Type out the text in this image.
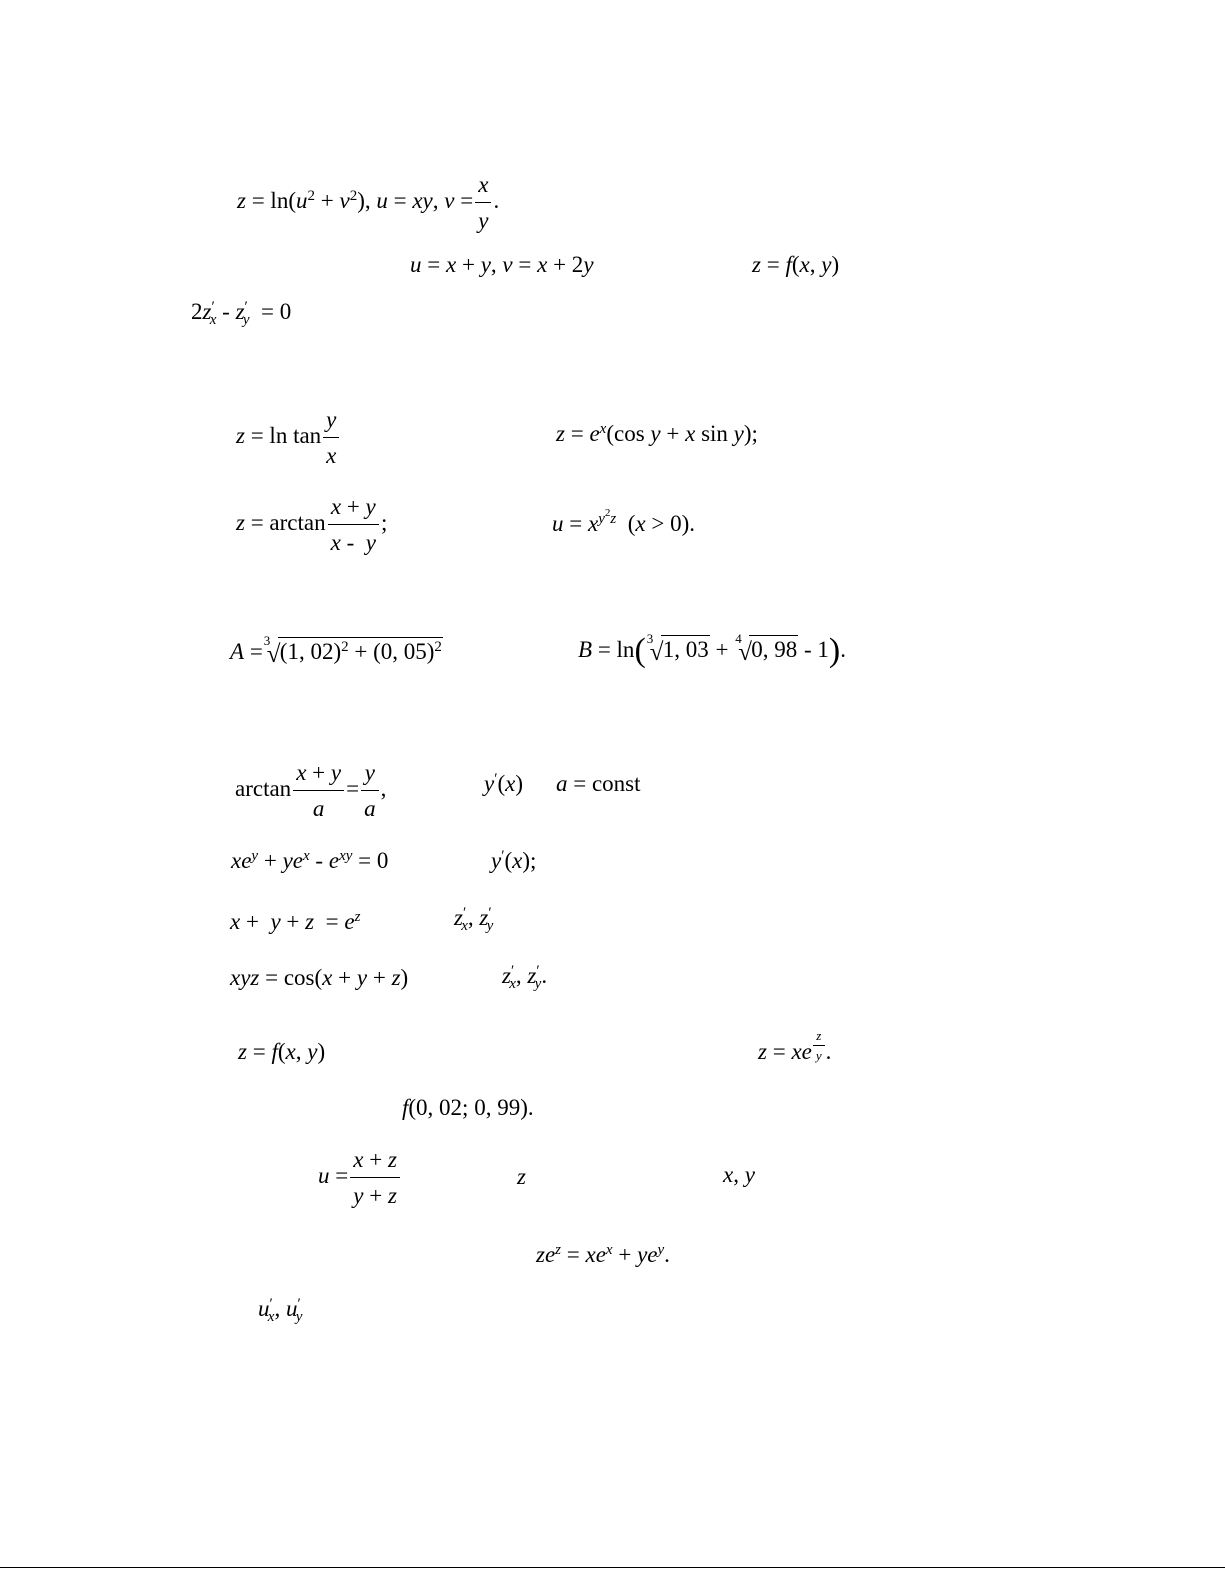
$z = \ln(u^2 + v^2)$, u = xy, $v = \frac{x}{y}$ .
u = x + y, v = x + 2y	z = f(x, y)
$2z'_x - z'_y = 0$
$z = \ln \tan \frac{y}{x}$	$z = e^x(\cos$ y + x sin y);
$z = \arctan \frac{x + y}{x - y}$ ;	$u = x^{y^2z}$  (x > 0).
A = 3
√ (1, 02)$^2$ + (0, 05)$^2$	B = ln( 3
√ 1, 03 + 4
√ 0, 98 - 1).
$\arctan \frac{x + y}{a} = \frac{y}{a}$ ,	y′(x) a = const
$xe^y + ye^x - e^{xy} = 0$	y′(x);
$x + y + z = e^z$	$z'_x$, $z'_y$
xyz = cos(x + y + z)	$z'_x$, $z'_y$.
z = f(x, y)	z = xe $\frac{z}{y}$ .
f(0, 02; 0, 99).
$u = \frac{x + z}{y + z}$	z	x, y
$ze^z = xe^x + ye^y$.
$u'_x$, $u'_y$
